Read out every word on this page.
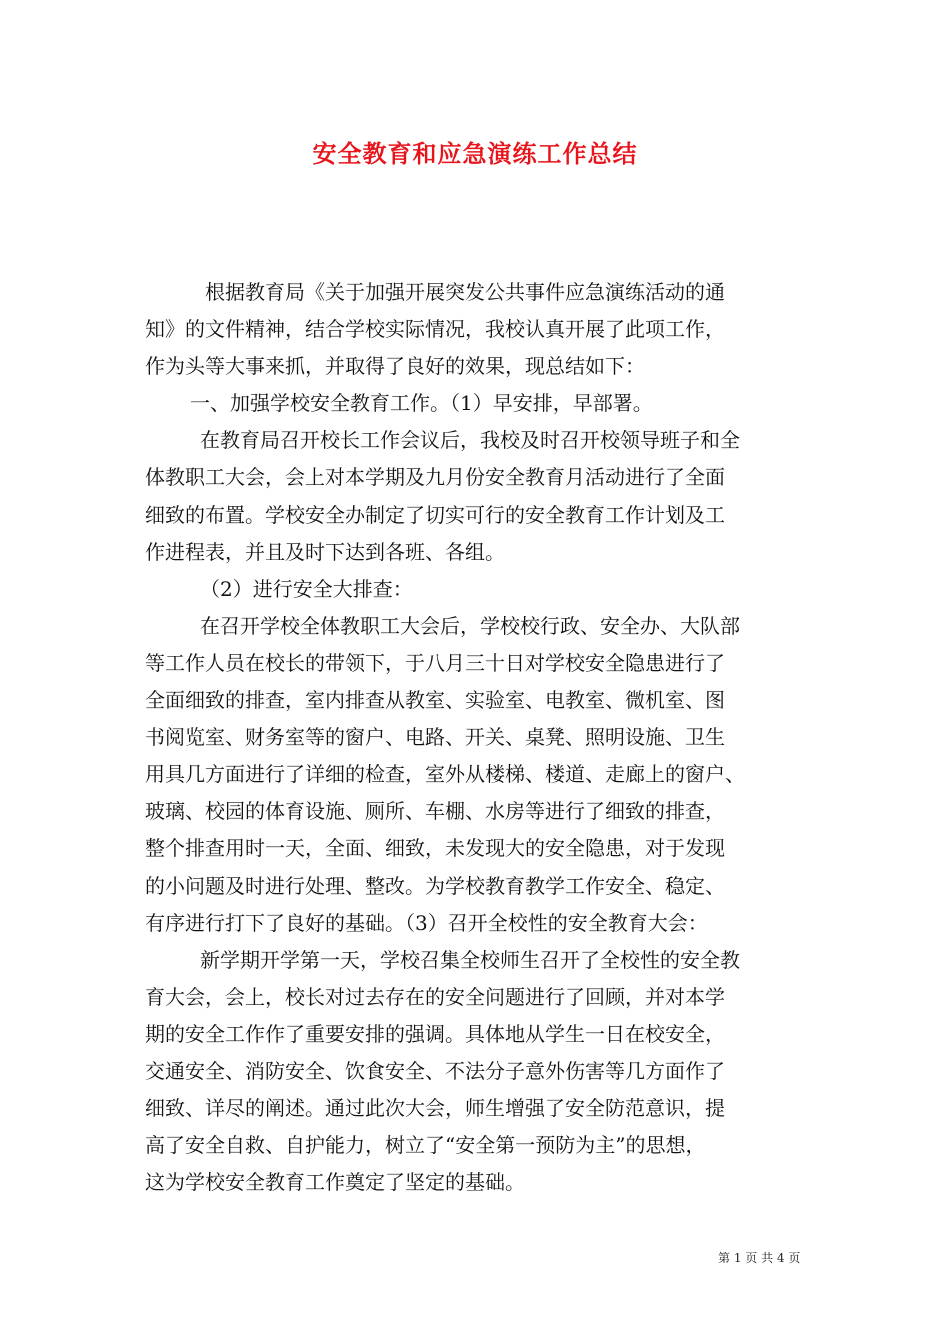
安全教育和应急演练工作总结
根据教育局《关于加强开展突发公共事件应急演练活动的通
知》的文件精神，结合学校实际情况，我校认真开展了此项工作，
作为头等大事来抓，并取得了良好的效果，现总结如下：
一、加强学校安全教育工作。（1）早安排，早部署。
在教育局召开校长工作会议后，我校及时召开校领导班子和全
体教职工大会，会上对本学期及九月份安全教育月活动进行了全面
细致的布置。学校安全办制定了切实可行的安全教育工作计划及工
作进程表，并且及时下达到各班、各组。
（2）进行安全大排查：
在召开学校全体教职工大会后，学校校行政、安全办、大队部
等工作人员在校长的带领下，于八月三十日对学校安全隐患进行了
全面细致的排查，室内排查从教室、实验室、电教室、微机室、图
书阅览室、财务室等的窗户、电路、开关、桌凳、照明设施、卫生
用具几方面进行了详细的检查，室外从楼梯、楼道、走廊上的窗户、
玻璃、校园的体育设施、厕所、车棚、水房等进行了细致的排查，
整个排查用时一天，全面、细致，未发现大的安全隐患，对于发现
的小问题及时进行处理、整改。为学校教育教学工作安全、稳定、
有序进行打下了良好的基础。（3）召开全校性的安全教育大会：
新学期开学第一天，学校召集全校师生召开了全校性的安全教
育大会，会上，校长对过去存在的安全问题进行了回顾，并对本学
期的安全工作作了重要安排的强调。具体地从学生一日在校安全，
交通安全、消防安全、饮食安全、不法分子意外伤害等几方面作了
细致、详尽的阐述。通过此次大会，师生增强了安全防范意识，提
高了安全自救、自护能力，树立了“安全第一预防为主”的思想，
这为学校安全教育工作奠定了坚定的基础。
第 1 页 共 4 页
